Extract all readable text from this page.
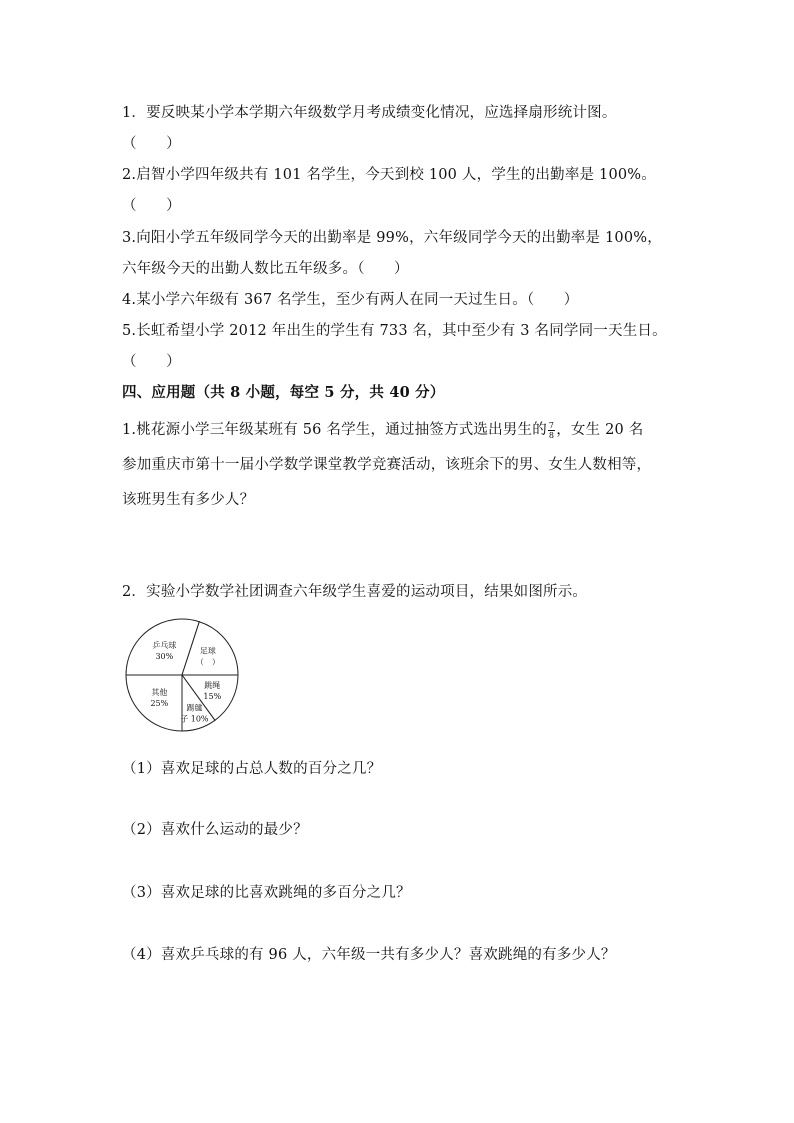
1．要反映某小学本学期六年级数学月考成绩变化情况，应选择扇形统计图。
（　　）
2.启智小学四年级共有 101 名学生，今天到校 100 人，学生的出勤率是 100%。
（　　）
3.向阳小学五年级同学今天的出勤率是 99%，六年级同学今天的出勤率是 100%，
六年级今天的出勤人数比五年级多。（　　）
4.某小学六年级有 367 名学生，至少有两人在同一天过生日。（　　）
5.长虹希望小学 2012 年出生的学生有 733 名，其中至少有 3 名同学同一天生日。
（　　）
四、应用题（共 8 小题，每空 5 分，共 40 分）
1.桃花源小学三年级某班有 56 名学生，通过抽签方式选出男生的 $\frac{7}{8}$ ，女生 20 名
参加重庆市第十一届小学数学课堂教学竞赛活动，该班余下的男、女生人数相等，
该班男生有多少人？
2．实验小学数学社团调查六年级学生喜爱的运动项目，结果如图所示。
乒乓球
30%
足球
（　）
跳绳
15%
踢毽
子 10%
其他
25%
（1）喜欢足球的占总人数的百分之几？
（2）喜欢什么运动的最少？
（3）喜欢足球的比喜欢跳绳的多百分之几？
（4）喜欢乒乓球的有 96 人，六年级一共有多少人？喜欢跳绳的有多少人？
